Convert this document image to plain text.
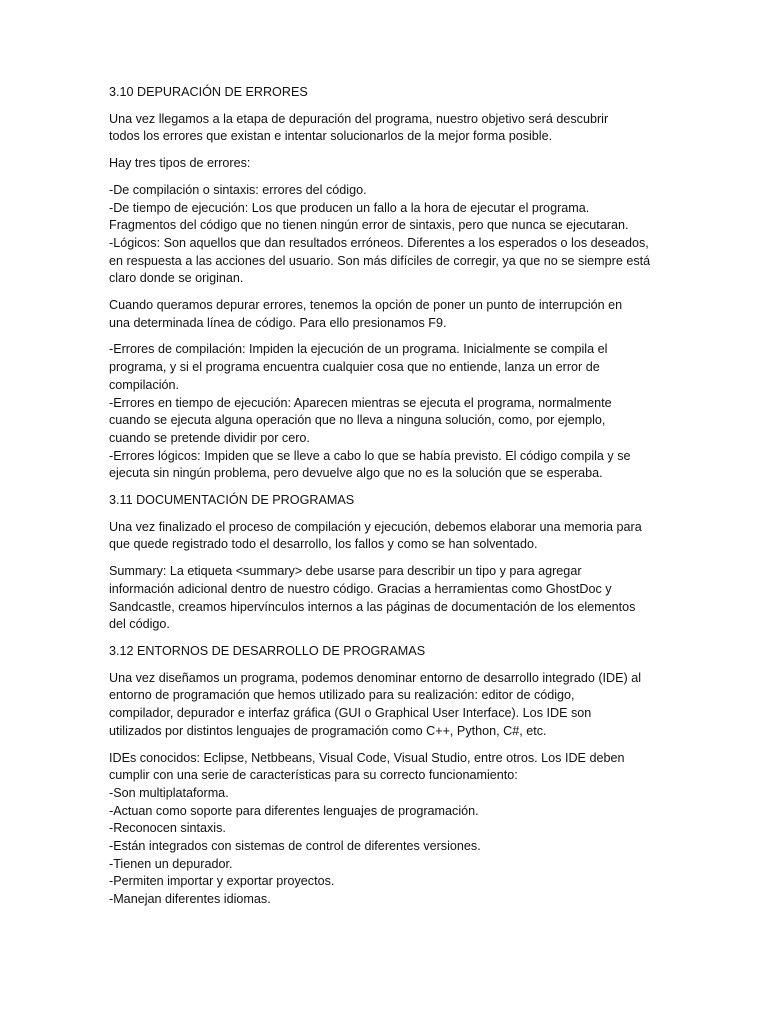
3.10 DEPURACIÓN DE ERRORES

Una vez llegamos a la etapa de depuración del programa, nuestro objetivo será descubrir
todos los errores que existan e intentar solucionarlos de la mejor forma posible.

Hay tres tipos de errores:

-De compilación o sintaxis: errores del código.
-De tiempo de ejecución: Los que producen un fallo a la hora de ejecutar el programa.
Fragmentos del código que no tienen ningún error de sintaxis, pero que nunca se ejecutaran.
-Lógicos: Son aquellos que dan resultados erróneos. Diferentes a los esperados o los deseados,
en respuesta a las acciones del usuario. Son más difíciles de corregir, ya que no se siempre está
claro donde se originan.

Cuando queramos depurar errores, tenemos la opción de poner un punto de interrupción en
una determinada línea de código. Para ello presionamos F9.

-Errores de compilación: Impiden la ejecución de un programa. Inicialmente se compila el
programa, y si el programa encuentra cualquier cosa que no entiende, lanza un error de
compilación.
-Errores en tiempo de ejecución: Aparecen mientras se ejecuta el programa, normalmente
cuando se ejecuta alguna operación que no lleva a ninguna solución, como, por ejemplo,
cuando se pretende dividir por cero.
-Errores lógicos: Impiden que se lleve a cabo lo que se había previsto. El código compila y se
ejecuta sin ningún problema, pero devuelve algo que no es la solución que se esperaba.

3.11 DOCUMENTACIÓN DE PROGRAMAS

Una vez finalizado el proceso de compilación y ejecución, debemos elaborar una memoria para
que quede registrado todo el desarrollo, los fallos y como se han solventado.

Summary: La etiqueta <summary> debe usarse para describir un tipo y para agregar
información adicional dentro de nuestro código. Gracias a herramientas como GhostDoc y
Sandcastle, creamos hipervínculos internos a las páginas de documentación de los elementos
del código.

3.12 ENTORNOS DE DESARROLLO DE PROGRAMAS

Una vez diseñamos un programa, podemos denominar entorno de desarrollo integrado (IDE) al
entorno de programación que hemos utilizado para su realización: editor de código,
compilador, depurador e interfaz gráfica (GUI o Graphical User Interface). Los IDE son
utilizados por distintos lenguajes de programación como C++, Python, C#, etc.

IDEs conocidos: Eclipse, Netbbeans, Visual Code, Visual Studio, entre otros. Los IDE deben
cumplir con una serie de características para su correcto funcionamiento:
-Son multiplataforma.
-Actuan como soporte para diferentes lenguajes de programación.
-Reconocen sintaxis.
-Están integrados con sistemas de control de diferentes versiones.
-Tienen un depurador.
-Permiten importar y exportar proyectos.
-Manejan diferentes idiomas.
